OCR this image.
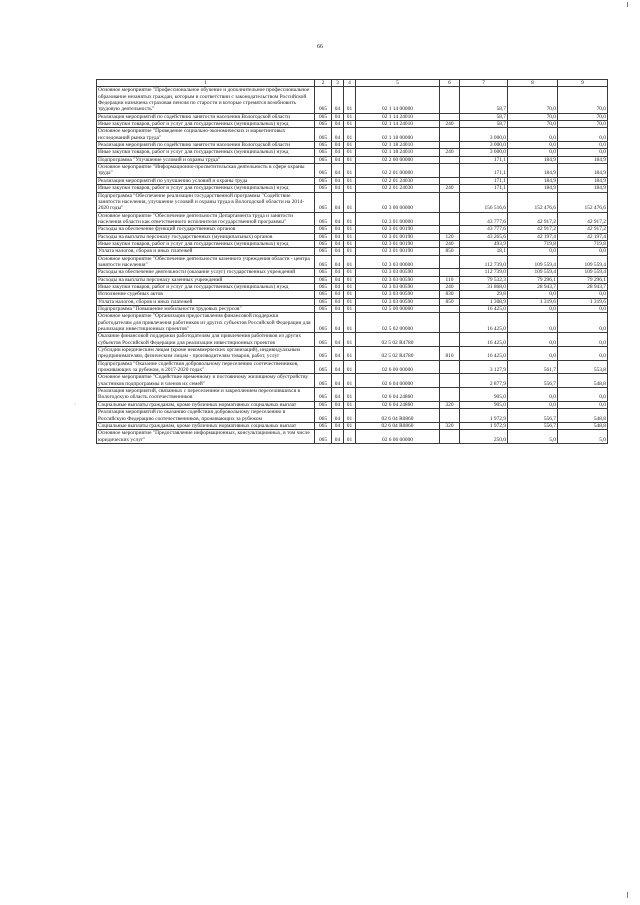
66
·
1	2	3	4	5	6	7	8	9
Основное мероприятие "Профессиональное обучение и дополнительное профессиональное образование незанятых граждан, которым в соответствии с законодательством Российской Федерации назначена страховая пенсия по старости и которые стремятся возобновить трудовую деятельность"	065	04	01	02 1 14 00000		58,7	70,0	70,0
Реализация мероприятий по содействию занятости населения Вологодской области	065	04	01	02 1 14 24010		58,7	70,0	70,0
Иные закупки товаров, работ и услуг для государственных (муниципальных) нужд	065	04	01	02 1 14 24010	240	58,7	70,0	70,0
Основное мероприятие "Проведение социально-экономических и маркетинговых исследований рынка труда"	065	04	01	02 1 18 00000		3 000,0	0,0	0,0
Реализация мероприятий по содействию занятости населения Вологодской области	065	04	01	02 1 18 24010		3 000,0	0,0	0,0
Иные закупки товаров, работ и услуг для государственных (муниципальных) нужд	065	04	01	02 1 18 24010	240	3 000,0	0,0	0,0
Подпрограмма "Улучшение условий и охраны труда"	065	04	01	02 2 00 00000		171,1	184,9	184,9
Основное мероприятие "Информационно-просветительская деятельность в сфере охраны труда"	065	04	01	02 2 01 00000		171,1	184,9	184,9
Реализация мероприятий по улучшению условий и охраны труда	065	04	01	02 2 01 24030		171,1	184,9	184,9
Иные закупки товаров, работ и услуг для государственных (муниципальных) нужд	065	04	01	02 2 01 24030	240	171,1	184,9	184,9
Подпрограмма "Обеспечение реализации государственной программы "Содействие занятости населения, улучшение условий и охраны труда в Вологодской области на 2014-2020 годы"	065	04	01	02 3 00 00000		156 516,6	152 476,6	152 476,6
Основное мероприятие "Обеспечение деятельности Департамента труда и занятости населения области как ответственного исполнителя государственной программы"	065	04	01	02 3 01 00000		43 777,6	42 917,2	42 917,2
Расходы на обеспечение функций государственных органов	065	04	01	02 3 01 00190		43 777,6	42 917,2	42 917,2
Расходы на выплаты персоналу государственных (муниципальных) органов	065	04	01	02 3 01 00190	120	43 265,6	42 197,4	42 197,4
Иные закупки товаров, работ и услуг для государственных (муниципальных) нужд	065	04	01	02 3 01 00190	240	493,9	719,8	719,8
Уплата налогов, сборов и иных платежей	065	04	01	02 3 01 00190	850	18,1	0,0	0,0
Основное мероприятие "Обеспечение деятельности казенного учреждения области - центра занятости населения"	065	04	01	02 3 03 00000		112 739,0	109 559,4	109 559,4
Расходы на обеспечение деятельности (оказание услуг) государственных учреждений	065	04	01	02 3 03 00590		112 739,0	109 559,4	109 559,4
Расходы на выплаты персоналу казенных учреждений	065	04	01	02 3 03 00590	110	79 532,3	79 296,1	79 296,1
Иные закупки товаров, работ и услуг для государственных (муниципальных) нужд	065	04	01	02 3 03 00590	240	31 868,0	28 943,7	28 943,7
Исполнение судебных актов	065	04	01	02 3 03 00590	830	29,8	0,0	0,0
Уплата налогов, сборов и иных платежей	065	04	01	02 3 03 00590	850	1 308,9	1 319,6	1 319,6
Подпрограмма "Повышение мобильности трудовых ресурсов"	065	04	01	02 5 00 00000		16 425,0	0,0	0,0
Основное мероприятие "Организация предоставления финансовой поддержки работодателям для привлечения работников из других субъектов Российской Федерации для реализации инвестиционных проектов"	065	04	01	02 5 02 00000		16 425,0	0,0	0,0
Оказание финансовой поддержки работодателям для привлечения работников из других субъектов Российской Федерации для реализации инвестиционных проектов	065	04	01	02 5 02 R4780		16 425,0	0,0	0,0
Субсидии юридическим лицам (кроме некоммерческих организаций), индивидуальным предпринимателям, физическим лицам - производителям товаров, работ, услуг	065	04	01	02 5 02 R4780	810	16 425,0	0,0	0,0
Подпрограмма "Оказание содействия добровольному переселению соотечественников, проживающих за рубежом, в 2017-2020 годах"	065	04	01	02 6 00 00000		3 127,9	561,7	553,8
Основное мероприятие "Содействие временному и постоянному жилищному обустройству участников подпрограммы и членов их семей"	065	04	01	02 6 04 00000		2 877,9	556,7	548,8
Реализация мероприятий, связанных с переселением и закреплением переселившихся в Вологодскую область соотечественников	065	04	01	02 6 04 24860		905,0	0,0	0,0
Социальные выплаты гражданам, кроме публичных нормативных социальных выплат	065	04	01	02 6 04 24860	320	905,0	0,0	0,0
Реализация мероприятий по оказанию содействия добровольному переселению в Российскую Федерацию соотечественников, проживающих за рубежом	065	04	01	02 6 04 R0860		1 972,9	556,7	548,8
Социальные выплаты гражданам, кроме публичных нормативных социальных выплат	065	04	01	02 6 04 R0860	320	1 972,9	556,7	548,8
Основное мероприятие "Предоставление информационных, консультационных, в том числе юридических услуг"	065	04	01	02 6 06 00000		250,0	5,0	5,0
